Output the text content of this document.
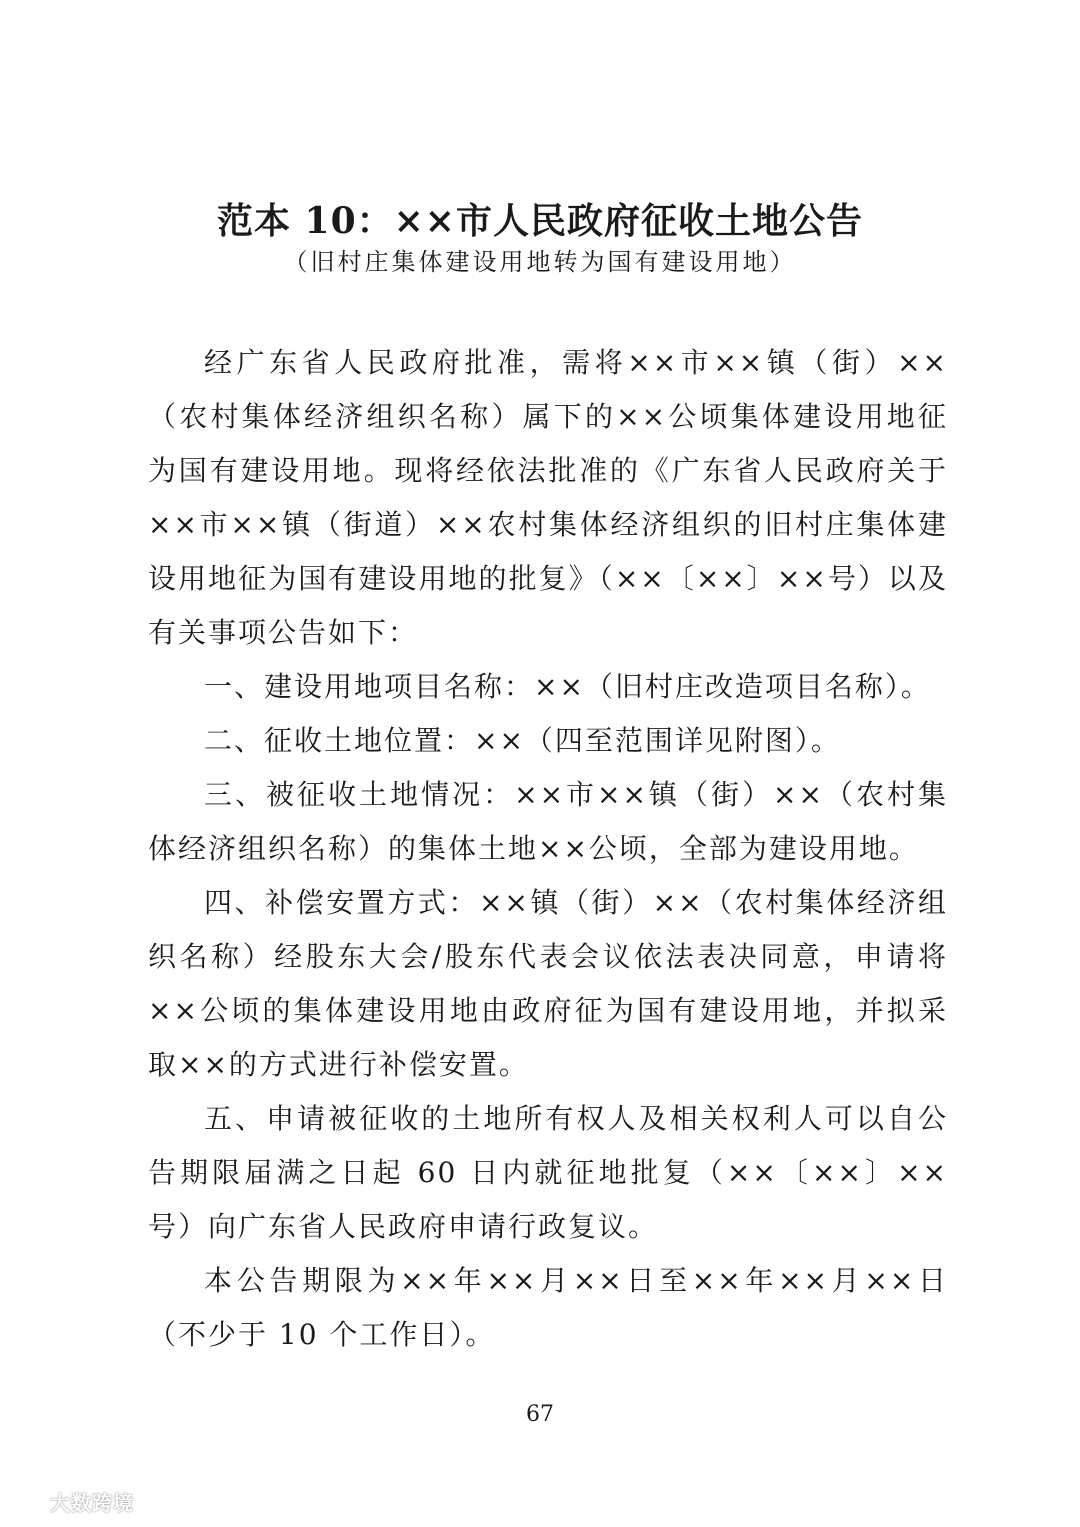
范本 10：××市人民政府征收土地公告
（旧村庄集体建设用地转为国有建设用地）

经广东省人民政府批准，需将××市××镇（街）××（农村集体经济组织名称）属下的××公顷集体建设用地征为国有建设用地。现将经依法批准的《广东省人民政府关于××市××镇（街道）××农村集体经济组织的旧村庄集体建设用地征为国有建设用地的批复》（××〔××〕××号）以及有关事项公告如下：

一、建设用地项目名称：××（旧村庄改造项目名称）。

二、征收土地位置：××（四至范围详见附图）。

三、被征收土地情况：××市××镇（街）××（农村集体经济组织名称）的集体土地××公顷，全部为建设用地。

四、补偿安置方式：××镇（街）××（农村集体经济组织名称）经股东大会/股东代表会议依法表决同意，申请将××公顷的集体建设用地由政府征为国有建设用地，并拟采取××的方式进行补偿安置。

五、申请被征收的土地所有权人及相关权利人可以自公告期限届满之日起 60 日内就征地批复（××〔××〕××号）向广东省人民政府申请行政复议。

本公告期限为××年××月××日至××年××月××日（不少于 10 个工作日）。

67
大数跨境
